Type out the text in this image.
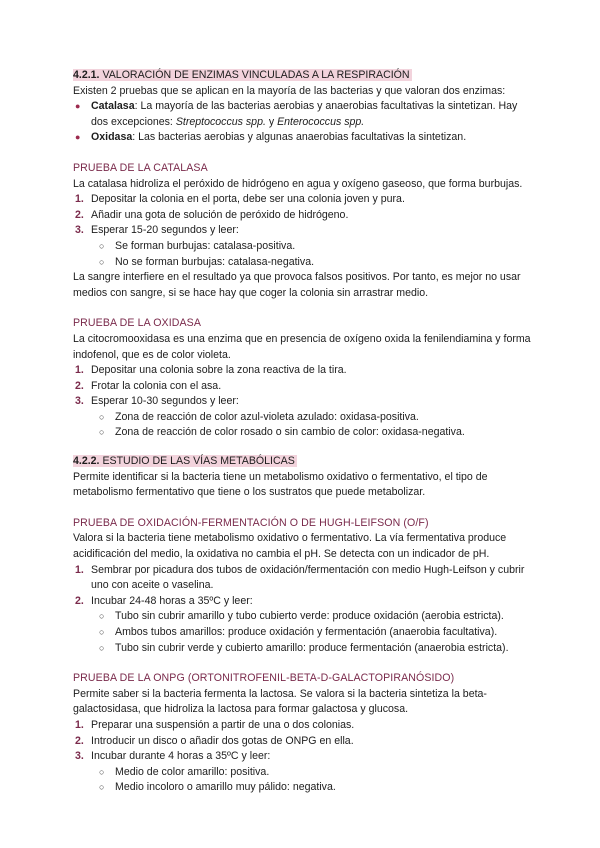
4.2.1. VALORACIÓN DE ENZIMAS VINCULADAS A LA RESPIRACIÓN

Existen 2 pruebas que se aplican en la mayoría de las bacterias y que valoran dos enzimas:

● Catalasa: La mayoría de las bacterias aerobias y anaerobias facultativas la sintetizan. Hay dos excepciones: Streptococcus spp. y Enterococcus spp.
● Oxidasa: Las bacterias aerobias y algunas anaerobias facultativas la sintetizan.
PRUEBA DE LA CATALASA

La catalasa hidroliza el peróxido de hidrógeno en agua y oxígeno gaseoso, que forma burbujas.

1. Depositar la colonia en el porta, debe ser una colonia joven y pura.
2. Añadir una gota de solución de peróxido de hidrógeno.
3. Esperar 15-20 segundos y leer:
○ Se forman burbujas: catalasa-positiva.
○ No se forman burbujas: catalasa-negativa.

La sangre interfiere en el resultado ya que provoca falsos positivos. Por tanto, es mejor no usar medios con sangre, si se hace hay que coger la colonia sin arrastrar medio.

PRUEBA DE LA OXIDASA

La citocromooxidasa es una enzima que en presencia de oxígeno oxida la fenilendiamina y forma indofenol, que es de color violeta.

1. Depositar una colonia sobre la zona reactiva de la tira.
2. Frotar la colonia con el asa.
3. Esperar 10-30 segundos y leer:
○ Zona de reacción de color azul-violeta azulado: oxidasa-positiva.
○ Zona de reacción de color rosado o sin cambio de color: oxidasa-negativa.
4.2.2. ESTUDIO DE LAS VÍAS METABÓLICAS

Permite identificar si la bacteria tiene un metabolismo oxidativo o fermentativo, el tipo de metabolismo fermentativo que tiene o los sustratos que puede metabolizar.

PRUEBA DE OXIDACIÓN-FERMENTACIÓN O DE HUGH-LEIFSON (O/F)

Valora si la bacteria tiene metabolismo oxidativo o fermentativo. La vía fermentativa produce acidificación del medio, la oxidativa no cambia el pH. Se detecta con un indicador de pH.

1. Sembrar por picadura dos tubos de oxidación/fermentación con medio Hugh-Leifson y cubrir uno con aceite o vaselina.
2. Incubar 24-48 horas a 35ºC y leer:
○ Tubo sin cubrir amarillo y tubo cubierto verde: produce oxidación (aerobia estricta).
○ Ambos tubos amarillos: produce oxidación y fermentación (anaerobia facultativa).
○ Tubo sin cubrir verde y cubierto amarillo: produce fermentación (anaerobia estricta).
PRUEBA DE LA ONPG (ORTONITROFENIL-BETA-D-GALACTOPIRANÓSIDO)

Permite saber si la bacteria fermenta la lactosa. Se valora si la bacteria sintetiza la beta-galactosidasa, que hidroliza la lactosa para formar galactosa y glucosa.

1. Preparar una suspensión a partir de una o dos colonias.
2. Introducir un disco o añadir dos gotas de ONPG en ella.
3. Incubar durante 4 horas a 35ºC y leer:
○ Medio de color amarillo: positiva.
○ Medio incoloro o amarillo muy pálido: negativa.
